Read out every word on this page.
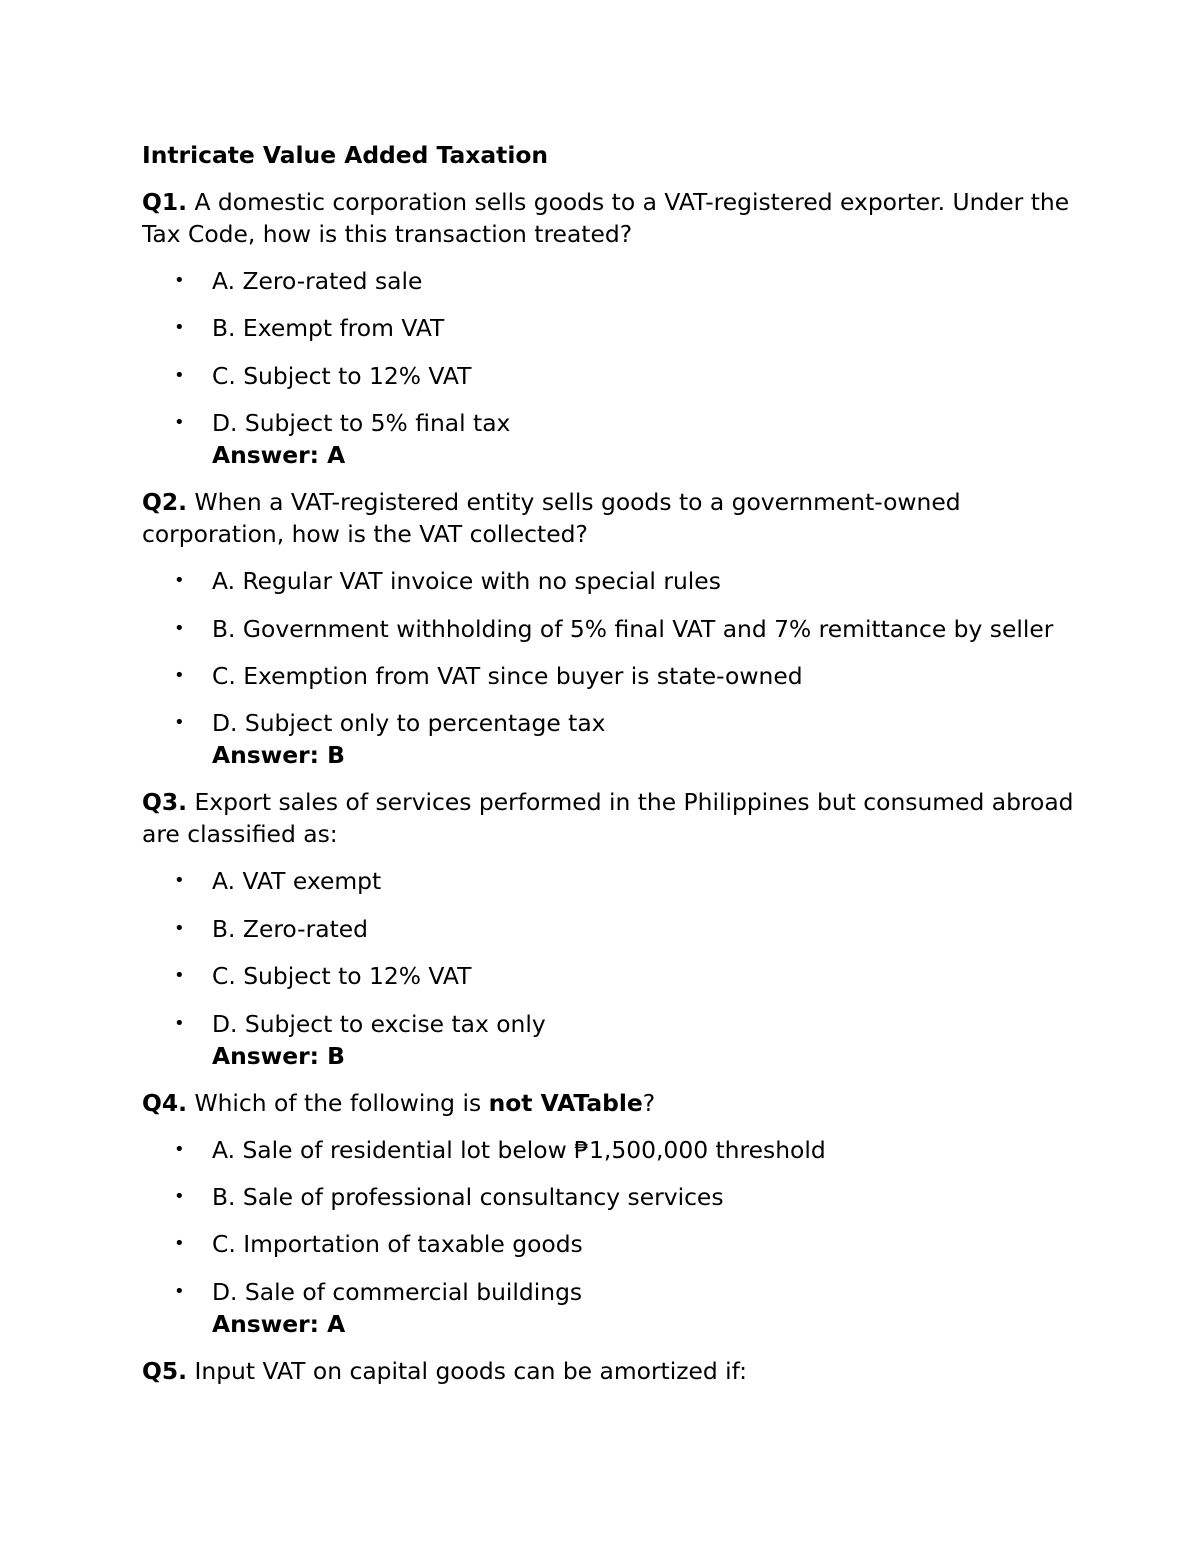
Intricate Value Added Taxation
Q1. A domestic corporation sells goods to a VAT-registered exporter. Under the Tax Code, how is this transaction treated?
• A. Zero-rated sale
• B. Exempt from VAT
• C. Subject to 12% VAT
• D. Subject to 5% final tax
Answer: A
Q2. When a VAT-registered entity sells goods to a government-owned corporation, how is the VAT collected?
• A. Regular VAT invoice with no special rules
• B. Government withholding of 5% final VAT and 7% remittance by seller
• C. Exemption from VAT since buyer is state-owned
• D. Subject only to percentage tax
Answer: B
Q3. Export sales of services performed in the Philippines but consumed abroad are classified as:
• A. VAT exempt
• B. Zero-rated
• C. Subject to 12% VAT
• D. Subject to excise tax only
Answer: B
Q4. Which of the following is not VATable?
• A. Sale of residential lot below ₱1,500,000 threshold
• B. Sale of professional consultancy services
• C. Importation of taxable goods
• D. Sale of commercial buildings
Answer: A
Q5. Input VAT on capital goods can be amortized if:
